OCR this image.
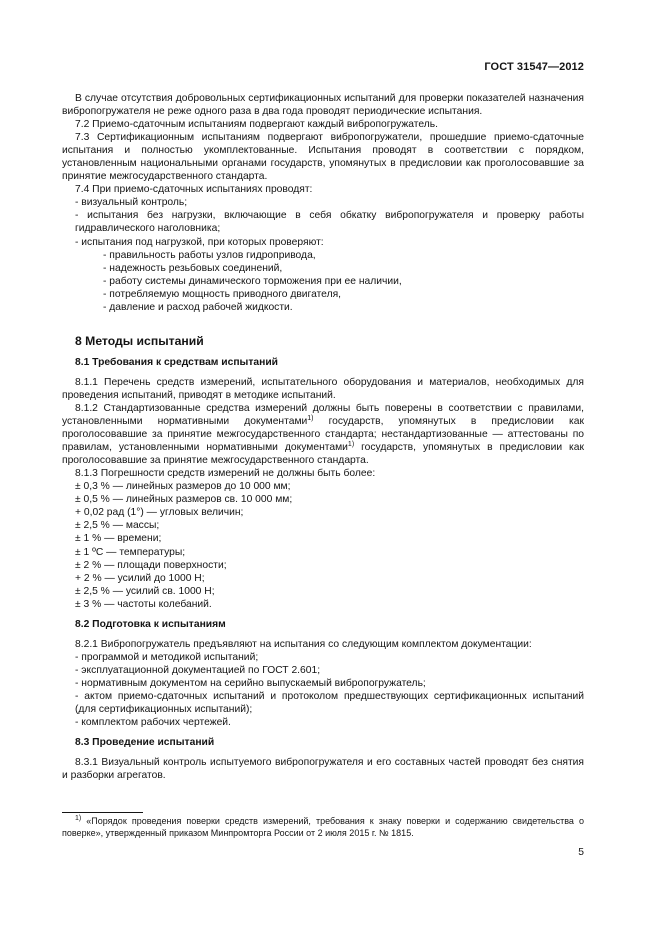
ГОСТ 31547—2012

В случае отсутствия добровольных сертификационных испытаний для проверки показателей назначения вибропогружателя не реже одного раза в два года проводят периодические испытания.

7.2 Приемо-сдаточным испытаниям подвергают каждый вибропогружатель.

7.3 Сертификационным испытаниям подвергают вибропогружатели, прошедшие приемо-сдаточные испытания и полностью укомплектованные. Испытания проводят в соответствии с порядком, установленным национальными органами государств, упомянутых в предисловии как проголосовавшие за принятие межгосударственного стандарта.

7.4 При приемо-сдаточных испытаниях проводят:

- визуальный контроль;

- испытания без нагрузки, включающие в себя обкатку вибропогружателя и проверку работы гидравлического наголовника;

- испытания под нагрузкой, при которых проверяют:

- правильность работы узлов гидропривода,

- надежность резьбовых соединений,

- работу системы динамического торможения при ее наличии,

- потребляемую мощность приводного двигателя,

- давление и расход рабочей жидкости.

8 Методы испытаний
8.1 Требования к средствам испытаний

8.1.1 Перечень средств измерений, испытательного оборудования и материалов, необходимых для проведения испытаний, приводят в методике испытаний.

8.1.2 Стандартизованные средства измерений должны быть поверены в соответствии с правилами, установленными нормативными документами$^{1)}$ государств, упомянутых в предисловии как проголосовавшие за принятие межгосударственного стандарта; нестандартизованные — аттестованы по правилам, установленными нормативными документами$^{1)}$ государств, упомянутых в предисловии как проголосовавшие за принятие межгосударственного стандарта.

8.1.3 Погрешности средств измерений не должны быть более:

± 0,3 % — линейных размеров до 10 000 мм;

± 0,5 % — линейных размеров св. 10 000 мм;

+ 0,02 рад (1°) — угловых величин;

± 2,5 % — массы;

± 1 % — времени;

± 1 ºС — температуры;

± 2 % — площади поверхности;

+ 2 % — усилий до 1000 Н;

± 2,5 % — усилий св. 1000 Н;

± 3 % — частоты колебаний.

8.2 Подготовка к испытаниям

8.2.1 Вибропогружатель предъявляют на испытания со следующим комплектом документации:

- программой и методикой испытаний;

- эксплуатационной документацией по ГОСТ 2.601;

- нормативным документом на серийно выпускаемый вибропогружатель;

- актом приемо-сдаточных испытаний и протоколом предшествующих сертификационных испытаний (для сертификационных испытаний);

- комплектом рабочих чертежей.

8.3 Проведение испытаний

8.3.1 Визуальный контроль испытуемого вибропогружателя и его составных частей проводят без снятия и разборки агрегатов.

$^{1)}$ «Порядок проведения поверки средств измерений, требования к знаку поверки и содержанию свидетельства о поверке», утвержденный приказом Минпромторга России от 2 июля 2015 г. № 1815.

5
